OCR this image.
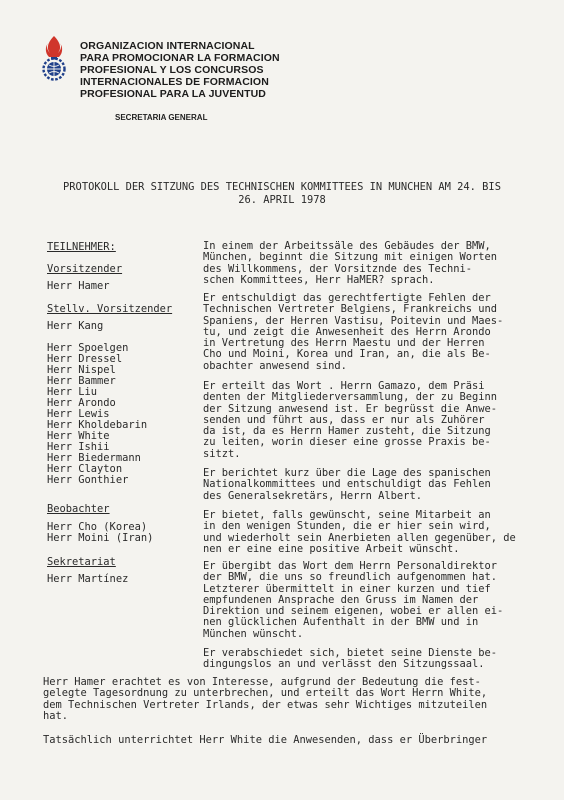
ORGANIZACION INTERNACIONAL
PARA PROMOCIONAR LA FORMACION
PROFESIONAL Y LOS CONCURSOS
INTERNACIONALES DE FORMACION
PROFESIONAL PARA LA JUVENTUD
SECRETARIA GENERAL
PROTOKOLL DER SITZUNG DES TECHNISCHEN KOMMITTEES IN MUNCHEN AM 24. BIS
26. APRIL 1978
TEILNEHMER:
Vorsitzender
Herr Hamer
Stellv. Vorsitzender
Herr Kang
Herr Spoelgen
Herr Dressel
Herr Nispel
Herr Bammer
Herr Liu
Herr Arondo
Herr Lewis
Herr Kholdebarin
Herr White
Herr Ishii
Herr Biedermann
Herr Clayton
Herr Gonthier
Beobachter
Herr Cho (Korea)
Herr Moini (Iran)
Sekretariat
Herr Martínez
In einem der Arbeitssäle des Gebäudes der BMW,
München, beginnt die Sitzung mit einigen Worten
des Willkommens, der Vorsitznde des Techni-
schen Kommittees, Herr HaMER? sprach.
Er entschuldigt das gerechtfertigte Fehlen der
Technischen Vertreter Belgiens, Frankreichs und
Spaniens, der Herren Vastisu, Poitevin und Maes-
tu, und zeigt die Anwesenheit des Herrn Arondo
in Vertretung des Herrn Maestu und der Herren
Cho und Moini, Korea und Iran, an, die als Be-
obachter anwesend sind.
Er erteilt das Wort . Herrn Gamazo, dem Präsi
denten der Mitgliederversammlung, der zu Beginn
der Sitzung anwesend ist. Er begrüsst die Anwe-
senden und führt aus, dass er nur als Zuhörer
da ist, da es Herrn Hamer zusteht, die Sitzung
zu leiten, worin dieser eine grosse Praxis be-
sitzt.
Er berichtet kurz über die Lage des spanischen
Nationalkommittees und entschuldigt das Fehlen
des Generalsekretärs, Herrn Albert.
Er bietet, falls gewünscht, seine Mitarbeit an
in den wenigen Stunden, die er hier sein wird,
und wiederholt sein Anerbieten allen gegenüber, de
nen er eine eine positive Arbeit wünscht.
Er übergibt das Wort dem Herrn Personaldirektor
der BMW, die uns so freundlich aufgenommen hat.
Letzterer übermittelt in einer kurzen und tief
empfundenen Ansprache den Gruss im Namen der
Direktion und seinem eigenen, wobei er allen ei-
nen glücklichen Aufenthalt in der BMW und in
München wünscht.
Er verabschiedet sich, bietet seine Dienste be-
dingungslos an und verlässt den Sitzungssaal.
Herr Hamer erachtet es von Interesse, aufgrund der Bedeutung die fest-
gelegte Tagesordnung zu unterbrechen, und erteilt das Wort Herrn White,
dem Technischen Vertreter Irlands, der etwas sehr Wichtiges mitzuteilen
hat.
Tatsächlich unterrichtet Herr White die Anwesenden, dass er Überbringer
